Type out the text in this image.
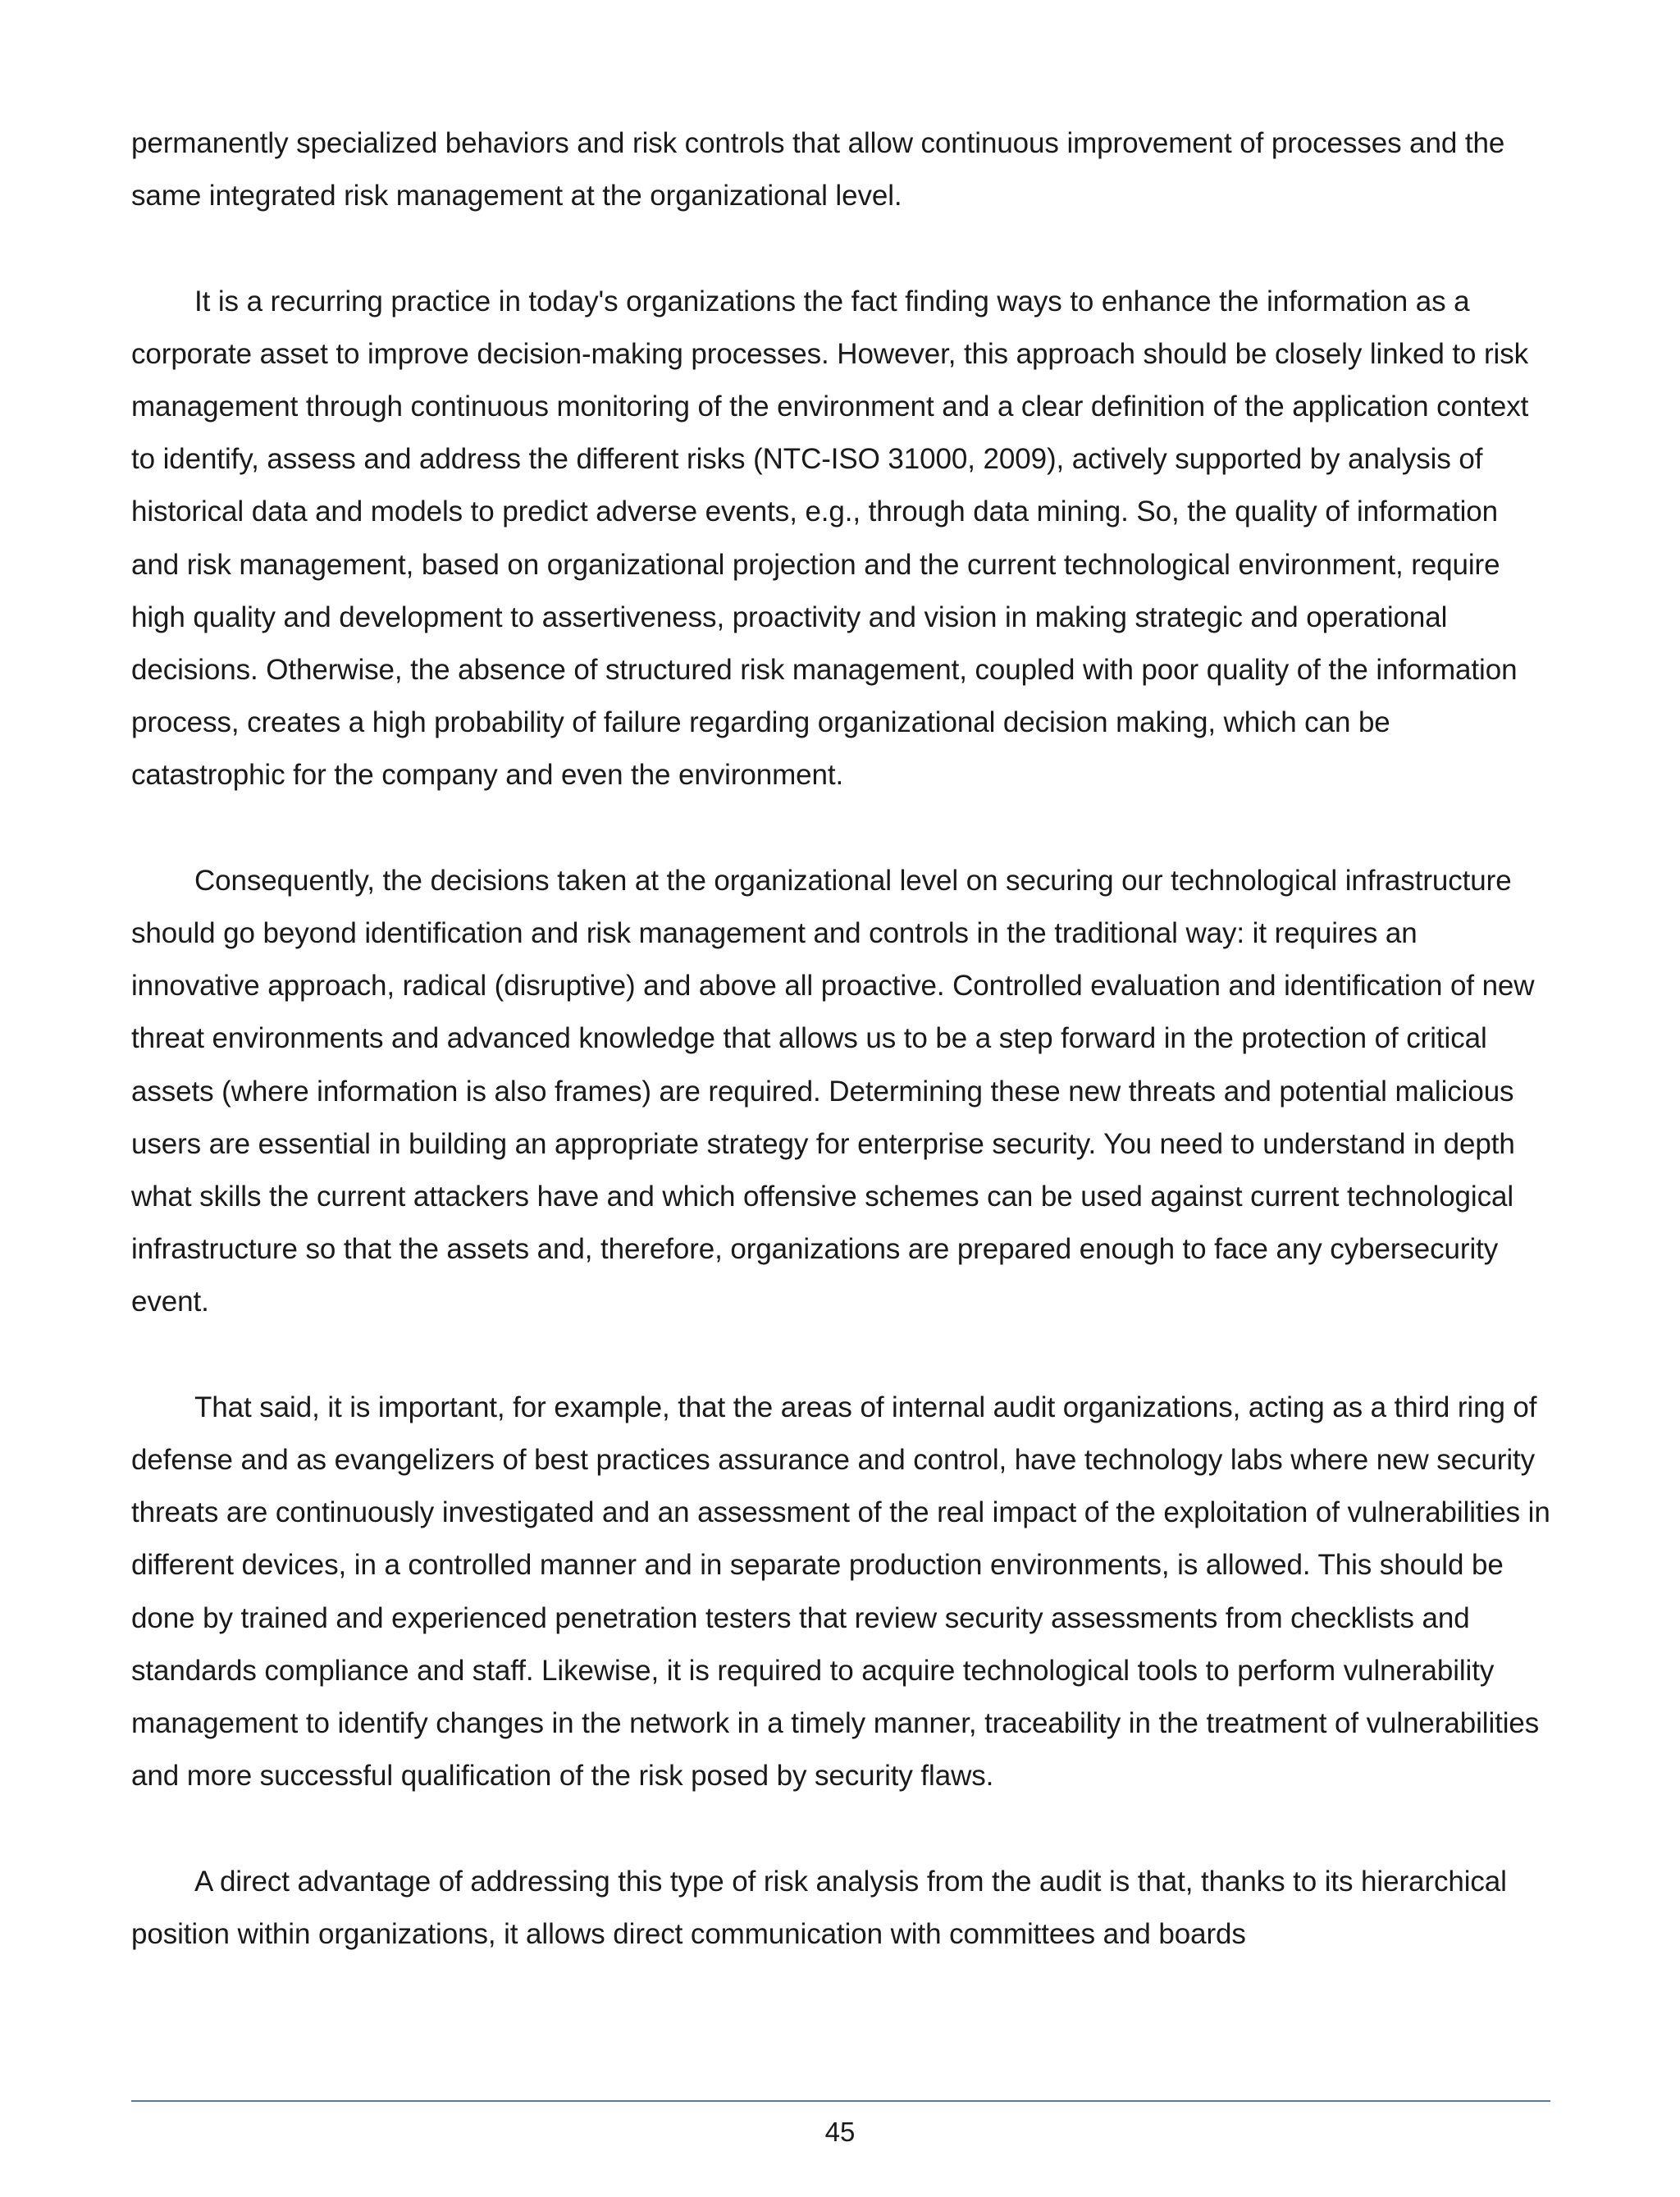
permanently specialized behaviors and risk controls that allow continuous improvement of processes and the same integrated risk management at the organizational level.

It is a recurring practice in today's organizations the fact finding ways to enhance the information as a corporate asset to improve decision-making processes. However, this approach should be closely linked to risk management through continuous monitoring of the environment and a clear definition of the application context to identify, assess and address the different risks (NTC-ISO 31000, 2009), actively supported by analysis of historical data and models to predict adverse events, e.g., through data mining. So, the quality of information and risk management, based on organizational projection and the current technological environment, require high quality and development to assertiveness, proactivity and vision in making strategic and operational decisions. Otherwise, the absence of structured risk management, coupled with poor quality of the information process, creates a high probability of failure regarding organizational decision making, which can be catastrophic for the company and even the environment.

Consequently, the decisions taken at the organizational level on securing our technological infrastructure should go beyond identification and risk management and controls in the traditional way: it requires an innovative approach, radical (disruptive) and above all proactive. Controlled evaluation and identification of new threat environments and advanced knowledge that allows us to be a step forward in the protection of critical assets (where information is also frames) are required. Determining these new threats and potential malicious users are essential in building an appropriate strategy for enterprise security. You need to understand in depth what skills the current attackers have and which offensive schemes can be used against current technological infrastructure so that the assets and, therefore, organizations are prepared enough to face any cybersecurity event.

That said, it is important, for example, that the areas of internal audit organizations, acting as a third ring of defense and as evangelizers of best practices assurance and control, have technology labs where new security threats are continuously investigated and an assessment of the real impact of the exploitation of vulnerabilities in different devices, in a controlled manner and in separate production environments, is allowed. This should be done by trained and experienced penetration testers that review security assessments from checklists and standards compliance and staff. Likewise, it is required to acquire technological tools to perform vulnerability management to identify changes in the network in a timely manner, traceability in the treatment of vulnerabilities and more successful qualification of the risk posed by security flaws.

A direct advantage of addressing this type of risk analysis from the audit is that, thanks to its hierarchical position within organizations, it allows direct communication with committees and boards

45
